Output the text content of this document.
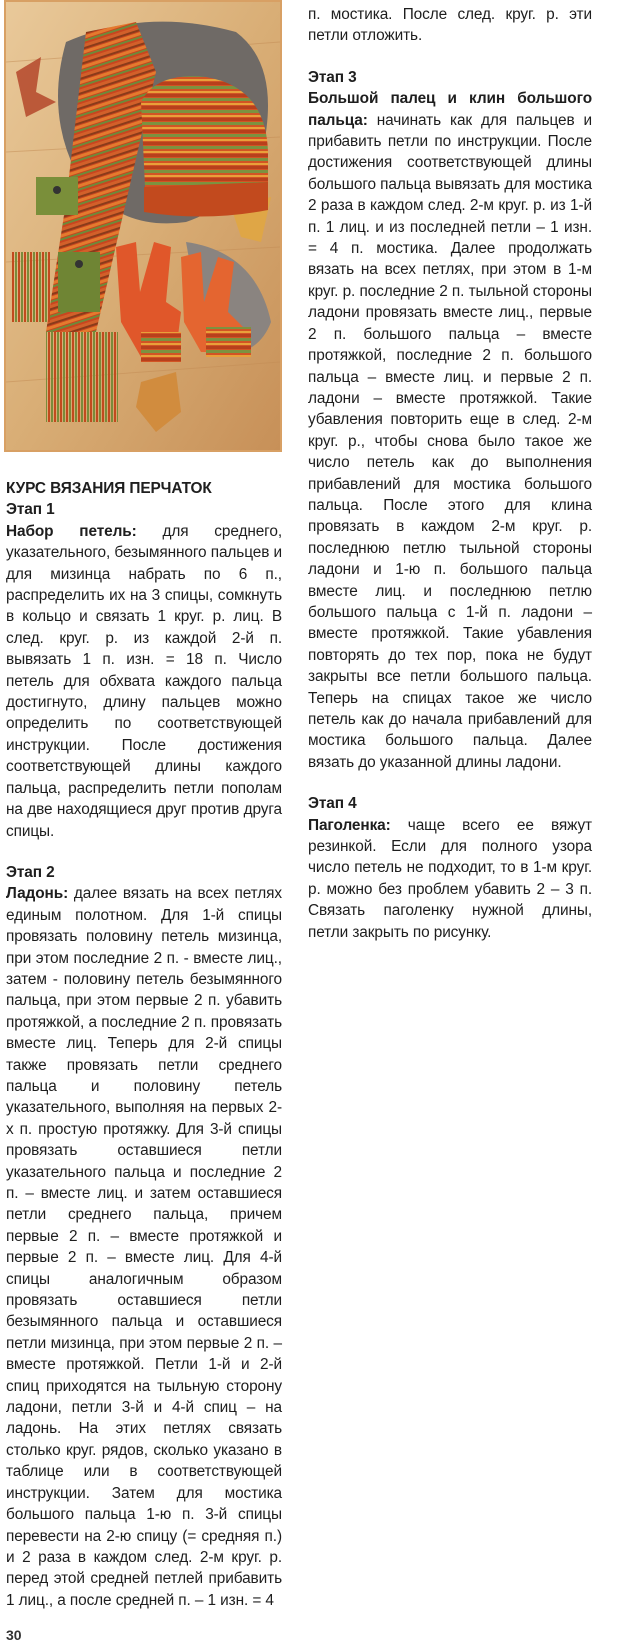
КУРС ВЯЗАНИЯ ПЕРЧАТОК

Этап 1

Набор петель: для среднего, указательного, безымянного пальцев и для мизинца набрать по 6 п., распределить их на 3 спицы, сомкнуть в кольцо и связать 1 круг. р. лиц. В след. круг. р. из каждой 2-й п. вывязать 1 п. изн. = 18 п. Число петель для обхвата каждого пальца достигнуто, длину пальцев можно определить по соответствующей инструкции. После достижения соответствующей длины каждого пальца, распределить петли пополам на две находящиеся друг против друга спицы.

Этап 2

Ладонь: далее вязать на всех петлях единым полотном. Для 1-й спицы провязать половину петель мизинца, при этом последние 2 п. - вместе лиц., затем - половину петель безымянного пальца, при этом первые 2 п. убавить протяжкой, а последние 2 п. провязать вместе лиц. Теперь для 2-й спицы также провязать петли среднего пальца и половину петель указательного, выполняя на первых 2-х п. простую протяжку. Для 3-й спицы провязать оставшиеся петли указательного пальца и последние 2 п. – вместе лиц. и затем оставшиеся петли среднего пальца, причем первые 2 п. – вместе протяжкой и первые 2 п. – вместе лиц. Для 4-й спицы аналогичным образом провязать оставшиеся петли безымянного пальца и оставшиеся петли мизинца, при этом первые 2 п. – вместе протяжкой. Петли 1-й и 2-й спиц приходятся на тыльную сторону ладони, петли 3-й и 4-й спиц – на ладонь. На этих петлях связать столько круг. рядов, сколько указано в таблице или в соответствующей инструкции. Затем для мостика большого пальца 1-ю п. 3-й спицы перевести на 2-ю спицу (= средняя п.) и 2 раза в каждом след. 2-м круг. р. перед этой средней петлей прибавить 1 лиц., а после средней п. – 1 изн. = 4

п. мостика. После след. круг. р. эти петли отложить.

Этап 3

Большой палец и клин большого пальца: начинать как для пальцев и прибавить петли по инструкции. После достижения соответствующей длины большого пальца вывязать для мостика 2 раза в каждом след. 2-м круг. р. из 1-й п. 1 лиц. и из последней петли – 1 изн. = 4 п. мостика. Далее продолжать вязать на всех петлях, при этом в 1-м круг. р. последние 2 п. тыльной стороны ладони провязать вместе лиц., первые 2 п. большого пальца – вместе протяжкой, последние 2 п. большого пальца – вместе лиц. и первые 2 п. ладони – вместе протяжкой. Такие убавления повторить еще в след. 2-м круг. р., чтобы снова было такое же число петель как до выполнения прибавлений для мостика большого пальца. После этого для клина провязать в каждом 2-м круг. р. последнюю петлю тыльной стороны ладони и 1-ю п. большого пальца вместе лиц. и последнюю петлю большого пальца с 1-й п. ладони – вместе протяжкой. Такие убавления повторять до тех пор, пока не будут закрыты все петли большого пальца. Теперь на спицах такое же число петель как до начала прибавлений для мостика большого пальца. Далее вязать до указанной длины ладони.

Этап 4

Паголенка: чаще всего ее вяжут резинкой. Если для полного узора число петель не подходит, то в 1-м круг. р. можно без проблем убавить 2 – 3 п. Связать паголенку нужной длины, петли закрыть по рисунку.

30
